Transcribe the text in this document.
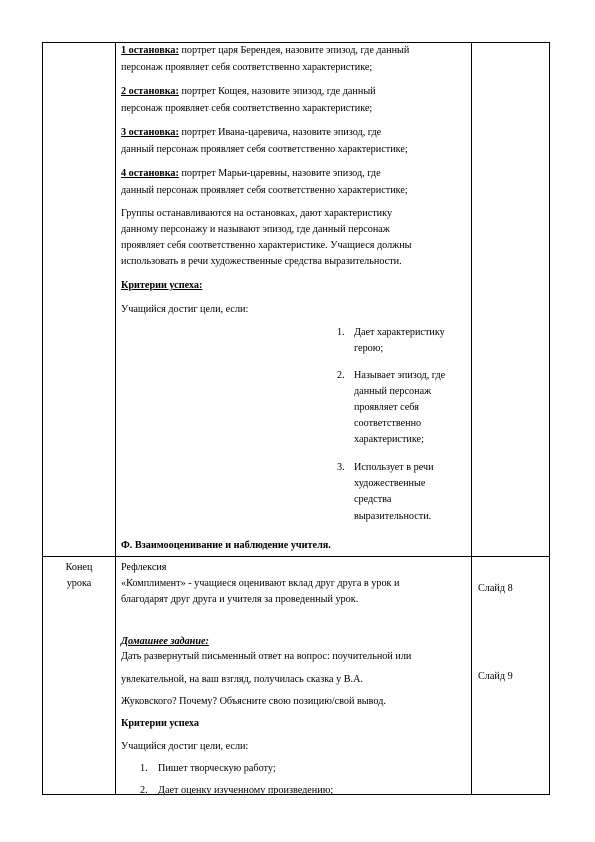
1 остановка: портрет царя Берендея, назовите эпизод, где данный
персонаж проявляет себя соответственно характеристике;
2 остановка: портрет Кощея, назовите эпизод, где данный
персонаж проявляет себя соответственно характеристике;
3 остановка: портрет Ивана-царевича, назовите эпизод, где
данный персонаж проявляет себя соответственно характеристике;
4 остановка: портрет Марьи-царевны, назовите эпизод, где
данный персонаж проявляет себя соответственно характеристике;
Группы останавливаются на остановках, дают характеристику
данному персонажу и называют эпизод, где данный персонаж
проявляет себя соответственно характеристике. Учащиеся должны
использовать в речи художественные средства выразительности.
Критерии успеха:
Учащийся достиг цели, если:
1. Дает характеристику
герою;
2. Называет эпизод, где
данный персонаж
проявляет себя
соответственно
характеристике;
3. Использует в речи
художественные
средства
выразительности.
Ф. Взаимооценивание и наблюдение учителя.
Конец
урока
Рефлексия
«Комплимент» - учащиеся оценивают вклад друг друга в урок и
благодарят друг друга и учителя за проведенный урок.
Слайд 8
Домашнее задание:
Дать развернутый письменный ответ на вопрос: поучительной или
увлекательной, на ваш взгляд, получилась сказка у В.А.
Жуковского? Почему? Объясните свою позицию/свой вывод.
Слайд 9
Критерии успеха
Учащийся достиг цели, если:
1. Пишет творческую работу;
2. Дает оценку изученному произведению;
